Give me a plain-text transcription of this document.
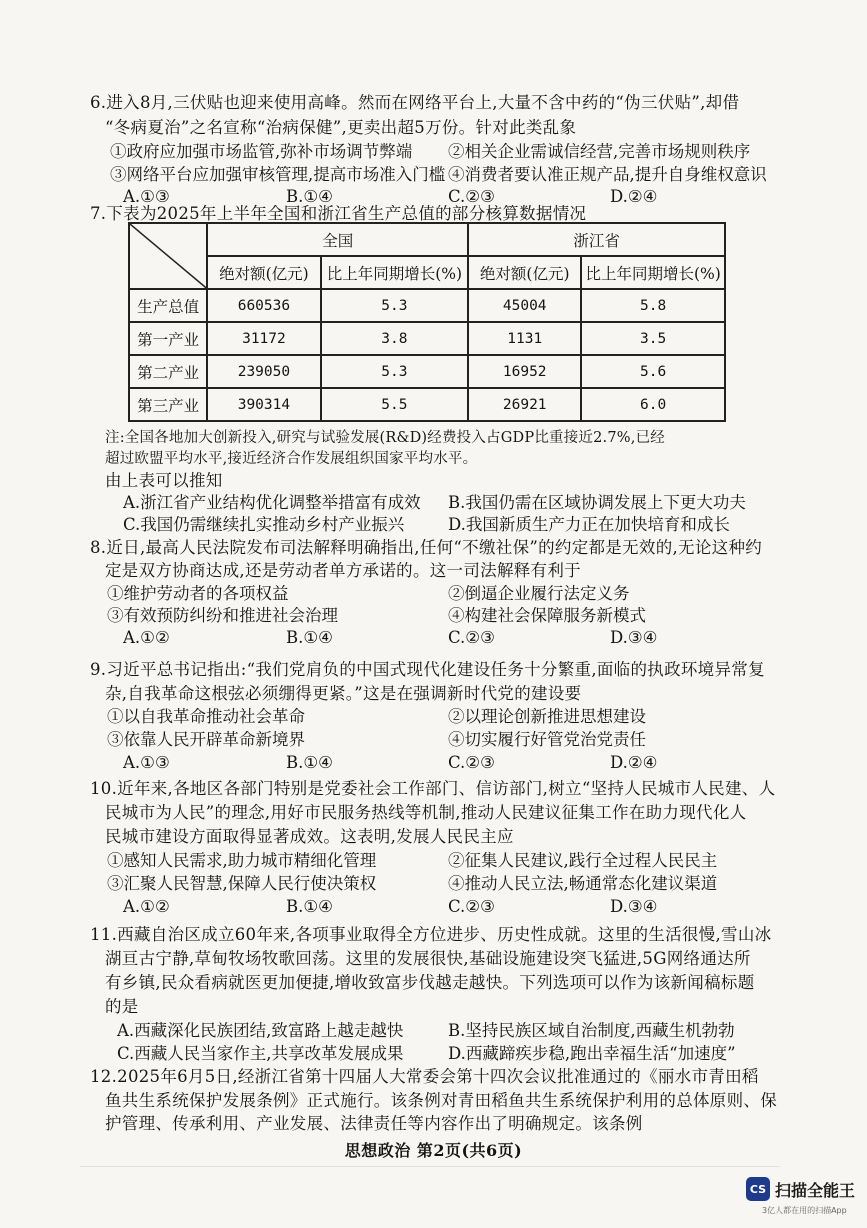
6.进入8月,三伏贴也迎来使用高峰。然而在网络平台上,大量不含中药的“伪三伏贴”,却借
“冬病夏治”之名宣称“治病保健”,更卖出超5万份。针对此类乱象
①政府应加强市场监管,弥补市场调节弊端 ②相关企业需诚信经营,完善市场规则秩序
③网络平台应加强审核管理,提高市场准入门槛 ④消费者要认准正规产品,提升自身维权意识
A.①③	B.①④	C.②③	D.②④
7.下表为2025年上半年全国和浙江省生产总值的部分核算数据情况
	全国		浙江省	
	绝对额(亿元)	比上年同期增长(%)	绝对额(亿元)	比上年同期增长(%)
生产总值	660536	5.3	45004	5.8
第一产业	31172	3.8	1131	3.5
第二产业	239050	5.3	16952	5.6
第三产业	390314	5.5	26921	6.0
注:全国各地加大创新投入,研究与试验发展(R&D)经费投入占GDP比重接近2.7%,已经
超过欧盟平均水平,接近经济合作发展组织国家平均水平。
由上表可以推知
A.浙江省产业结构优化调整举措富有成效 B.我国仍需在区域协调发展上下更大功夫
C.我国仍需继续扎实推动乡村产业振兴	D.我国新质生产力正在加快培育和成长
8.近日,最高人民法院发布司法解释明确指出,任何“不缴社保”的约定都是无效的,无论这种约
定是双方协商达成,还是劳动者单方承诺的。这一司法解释有利于
①维护劳动者的各项权益	②倒逼企业履行法定义务
③有效预防纠纷和推进社会治理	④构建社会保障服务新模式
A.①②	B.①④	C.②③	D.③④
9.习近平总书记指出:“我们党肩负的中国式现代化建设任务十分繁重,面临的执政环境异常复
杂,自我革命这根弦必须绷得更紧。”这是在强调新时代党的建设要
①以自我革命推动社会革命	②以理论创新推进思想建设
③依靠人民开辟革命新境界	④切实履行好管党治党责任
A.①③	B.①④	C.②③	D.②④
10.近年来,各地区各部门特别是党委社会工作部门、信访部门,树立“坚持人民城市人民建、人
民城市为人民”的理念,用好市民服务热线等机制,推动人民建议征集工作在助力现代化人
民城市建设方面取得显著成效。这表明,发展人民民主应
①感知人民需求,助力城市精细化管理	②征集人民建议,践行全过程人民民主
③汇聚人民智慧,保障人民行使决策权	④推动人民立法,畅通常态化建议渠道
A.①②	B.①④	C.②③	D.③④
11.西藏自治区成立60年来,各项事业取得全方位进步、历史性成就。这里的生活很慢,雪山冰
湖亘古宁静,草甸牧场牧歌回荡。这里的发展很快,基础设施建设突飞猛进,5G网络通达所
有乡镇,民众看病就医更加便捷,增收致富步伐越走越快。下列选项可以作为该新闻稿标题
的是
A.西藏深化民族团结,致富路上越走越快	B.坚持民族区域自治制度,西藏生机勃勃
C.西藏人民当家作主,共享改革发展成果	D.西藏蹄疾步稳,跑出幸福生活“加速度”
12.2025年6月5日,经浙江省第十四届人大常委会第十四次会议批准通过的《丽水市青田稻
鱼共生系统保护发展条例》正式施行。该条例对青田稻鱼共生系统保护利用的总体原则、保
护管理、传承利用、产业发展、法律责任等内容作出了明确规定。该条例
思想政治 第2页(共6页)
CS 扫描全能王
3亿人都在用的扫描App
